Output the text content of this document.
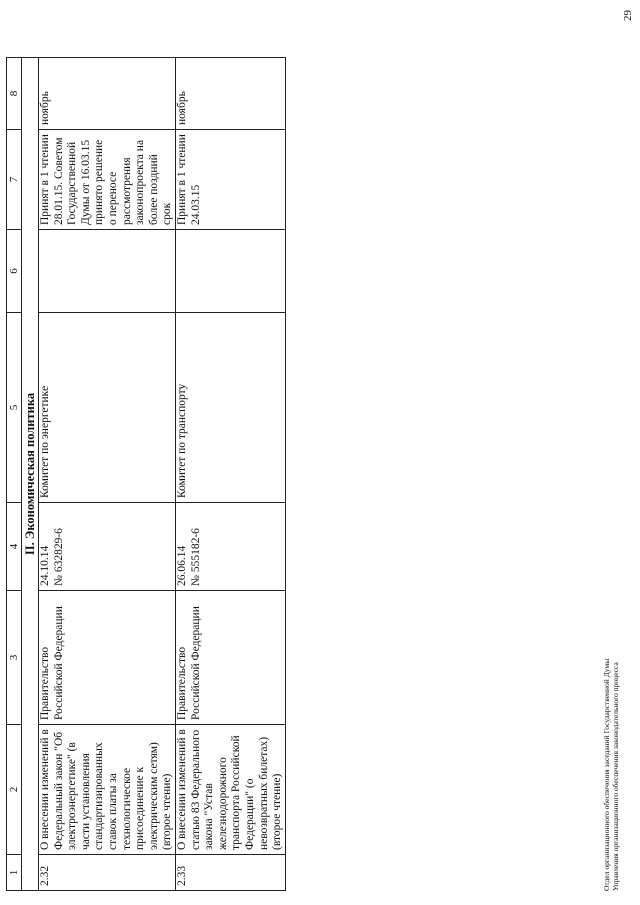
1	2	3	4	5	6	7	8
II. Экономическая политика							
2.32	О внесении изменений в Федеральный закон "Об электроэнергетике" (в части установления стандартизированных ставок платы за технологическое присоединение к электрическим сетям) (второе чтение)	Правительство Российской Федерации	24.10.14 № 632829-6	Комитет по энергетике		Принят в 1 чтении 28.01.15. Советом Государственной Думы от 16.03.15 принято решение о переносе рассмотрения законопроекта на более поздний срок	ноябрь
2.33	О внесении изменений в статью 83 Федерального закона "Устав железнодорожного транспорта Российской Федерации" (о невозвратных билетах) (второе чтение)	Правительство Российской Федерации	26.06.14 № 555182-6	Комитет по транспорту		Принят в 1 чтении 24.03.15	ноябрь
29
Отдел организационного обеспечения заседаний Государственной Думы Управления организационного обеспечения законодательного процесса
